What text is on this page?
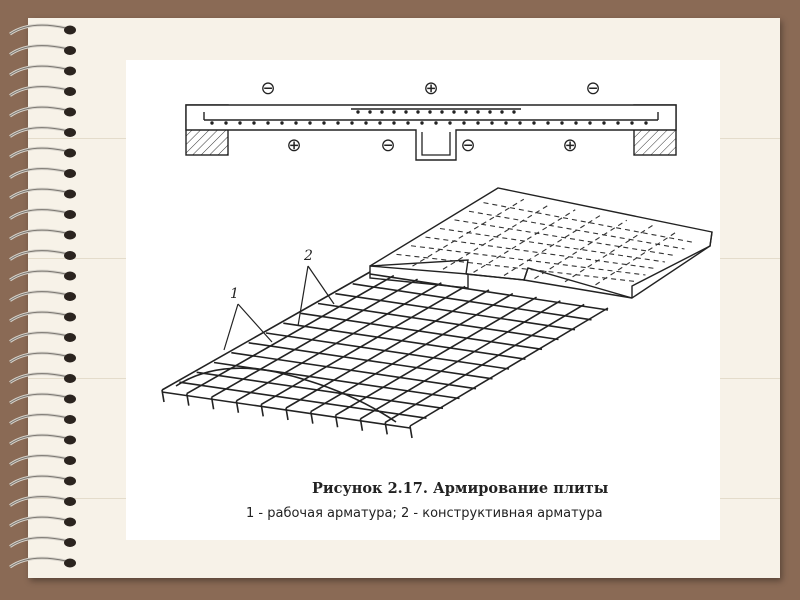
⊖	⊕	⊖
⊕	⊖	⊖	⊕
1
2
Рисунок 2.17. Армирование плиты
1 - рабочая арматура; 2 - конструктивная арматура
